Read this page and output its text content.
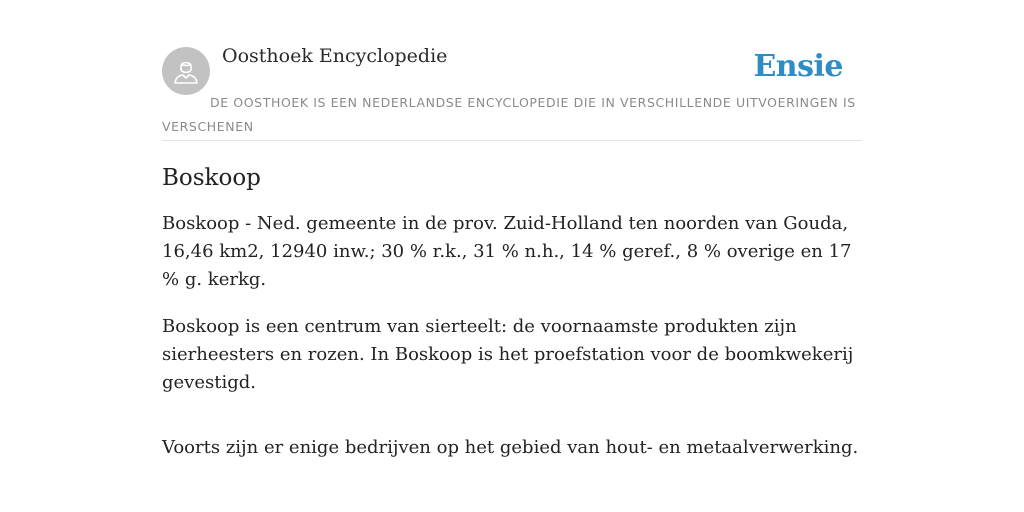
Oosthoek Encyclopedie	Ensie
DE OOSTHOEK IS EEN NEDERLANDSE ENCYCLOPEDIE DIE IN VERSCHILLENDE UITVOERINGEN IS VERSCHENEN
Boskoop

Boskoop - Ned. gemeente in de prov. Zuid-Holland ten noorden van Gouda, 16,46 km2, 12940 inw.; 30 % r.k., 31 % n.h., 14 % geref., 8 % overige en 17 % g. kerkg.

Boskoop is een centrum van sierteelt: de voornaamste produkten zijn sierheesters en rozen. In Boskoop is het proefstation voor de boomkwekerij gevestigd.

Voorts zijn er enige bedrijven op het gebied van hout- en metaalverwerking.
